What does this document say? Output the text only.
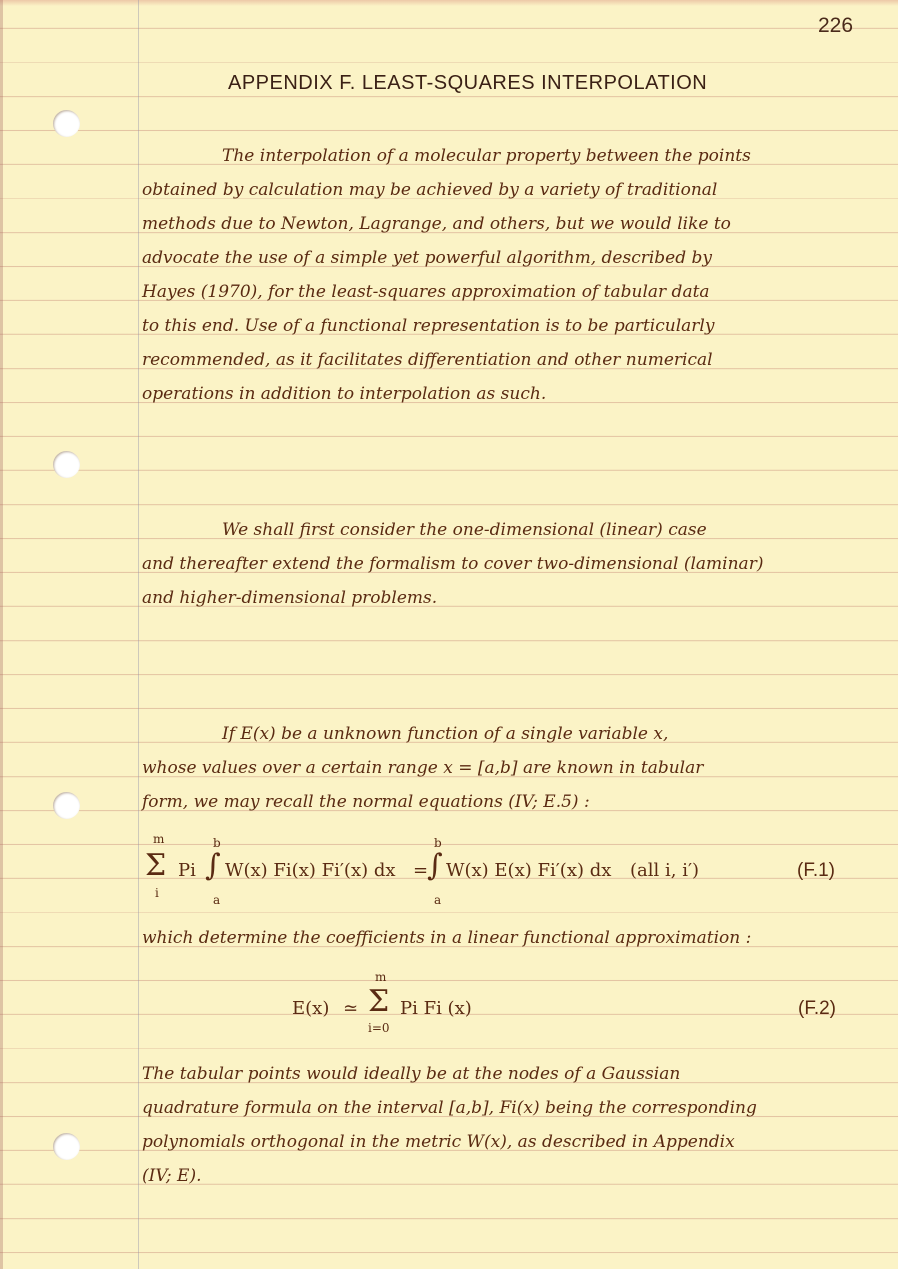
226
APPENDIX F. LEAST-SQUARES INTERPOLATION
The interpolation of a molecular property between the points
obtained by calculation may be achieved by a variety of traditional
methods due to Newton, Lagrange, and others, but we would like to
advocate the use of a simple yet powerful algorithm, described by
Hayes (1970), for the least-squares approximation of tabular data
to this end. Use of a functional representation is to be particularly
recommended, as it facilitates differentiation and other numerical
operations in addition to interpolation as such.
We shall first consider the one-dimensional (linear) case
and thereafter extend the formalism to cover two-dimensional (laminar)
and higher-dimensional problems.
If E(x) be a unknown function of a single variable x,
whose values over a certain range x = [a,b] are known in tabular
form, we may recall the normal equations (IV; E.5) :
m
Σ
i
Pi
b
∫
a
W(x) Fi(x) Fi′(x) dx =
b
∫
a
W(x) E(x) Fi′(x) dx (all i, i′)	(F.1)
which determine the coefficients in a linear functional approximation :
E(x) ≃
m
Σ
i=0
Pi Fi (x)	(F.2)
The tabular points would ideally be at the nodes of a Gaussian
quadrature formula on the interval [a,b], Fi(x) being the corresponding
polynomials orthogonal in the metric W(x), as described in Appendix
(IV; E).
